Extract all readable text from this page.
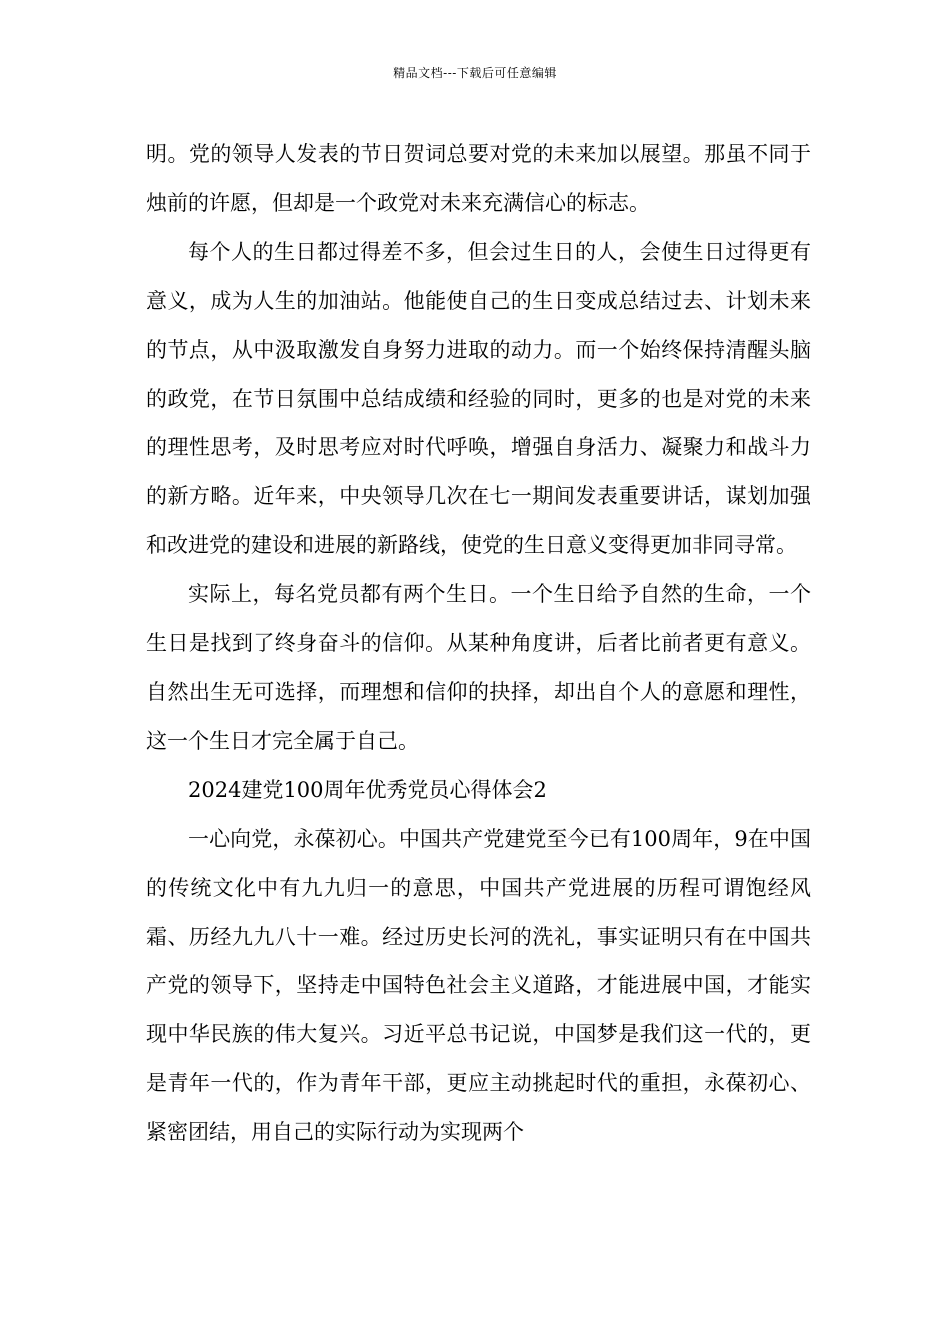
精品文档---下载后可任意编辑

明。党的领导人发表的节日贺词总要对党的未来加以展望。那虽不同于烛前的许愿，但却是一个政党对未来充满信心的标志。

每个人的生日都过得差不多，但会过生日的人，会使生日过得更有意义，成为人生的加油站。他能使自己的生日变成总结过去、计划未来的节点，从中汲取激发自身努力进取的动力。而一个始终保持清醒头脑的政党，在节日氛围中总结成绩和经验的同时，更多的也是对党的未来的理性思考，及时思考应对时代呼唤，增强自身活力、凝聚力和战斗力的新方略。近年来，中央领导几次在七一期间发表重要讲话，谋划加强和改进党的建设和进展的新路线，使党的生日意义变得更加非同寻常。

实际上，每名党员都有两个生日。一个生日给予自然的生命，一个生日是找到了终身奋斗的信仰。从某种角度讲，后者比前者更有意义。自然出生无可选择，而理想和信仰的抉择，却出自个人的意愿和理性，这一个生日才完全属于自己。

2024建党100周年优秀党员心得体会2

一心向党，永葆初心。中国共产党建党至今已有100周年，9在中国的传统文化中有九九归一的意思，中国共产党进展的历程可谓饱经风霜、历经九九八十一难。经过历史长河的洗礼，事实证明只有在中国共产党的领导下，坚持走中国特色社会主义道路，才能进展中国，才能实现中华民族的伟大复兴。习近平总书记说，中国梦是我们这一代的，更是青年一代的，作为青年干部，更应主动挑起时代的重担，永葆初心、紧密团结，用自己的实际行动为实现两个
